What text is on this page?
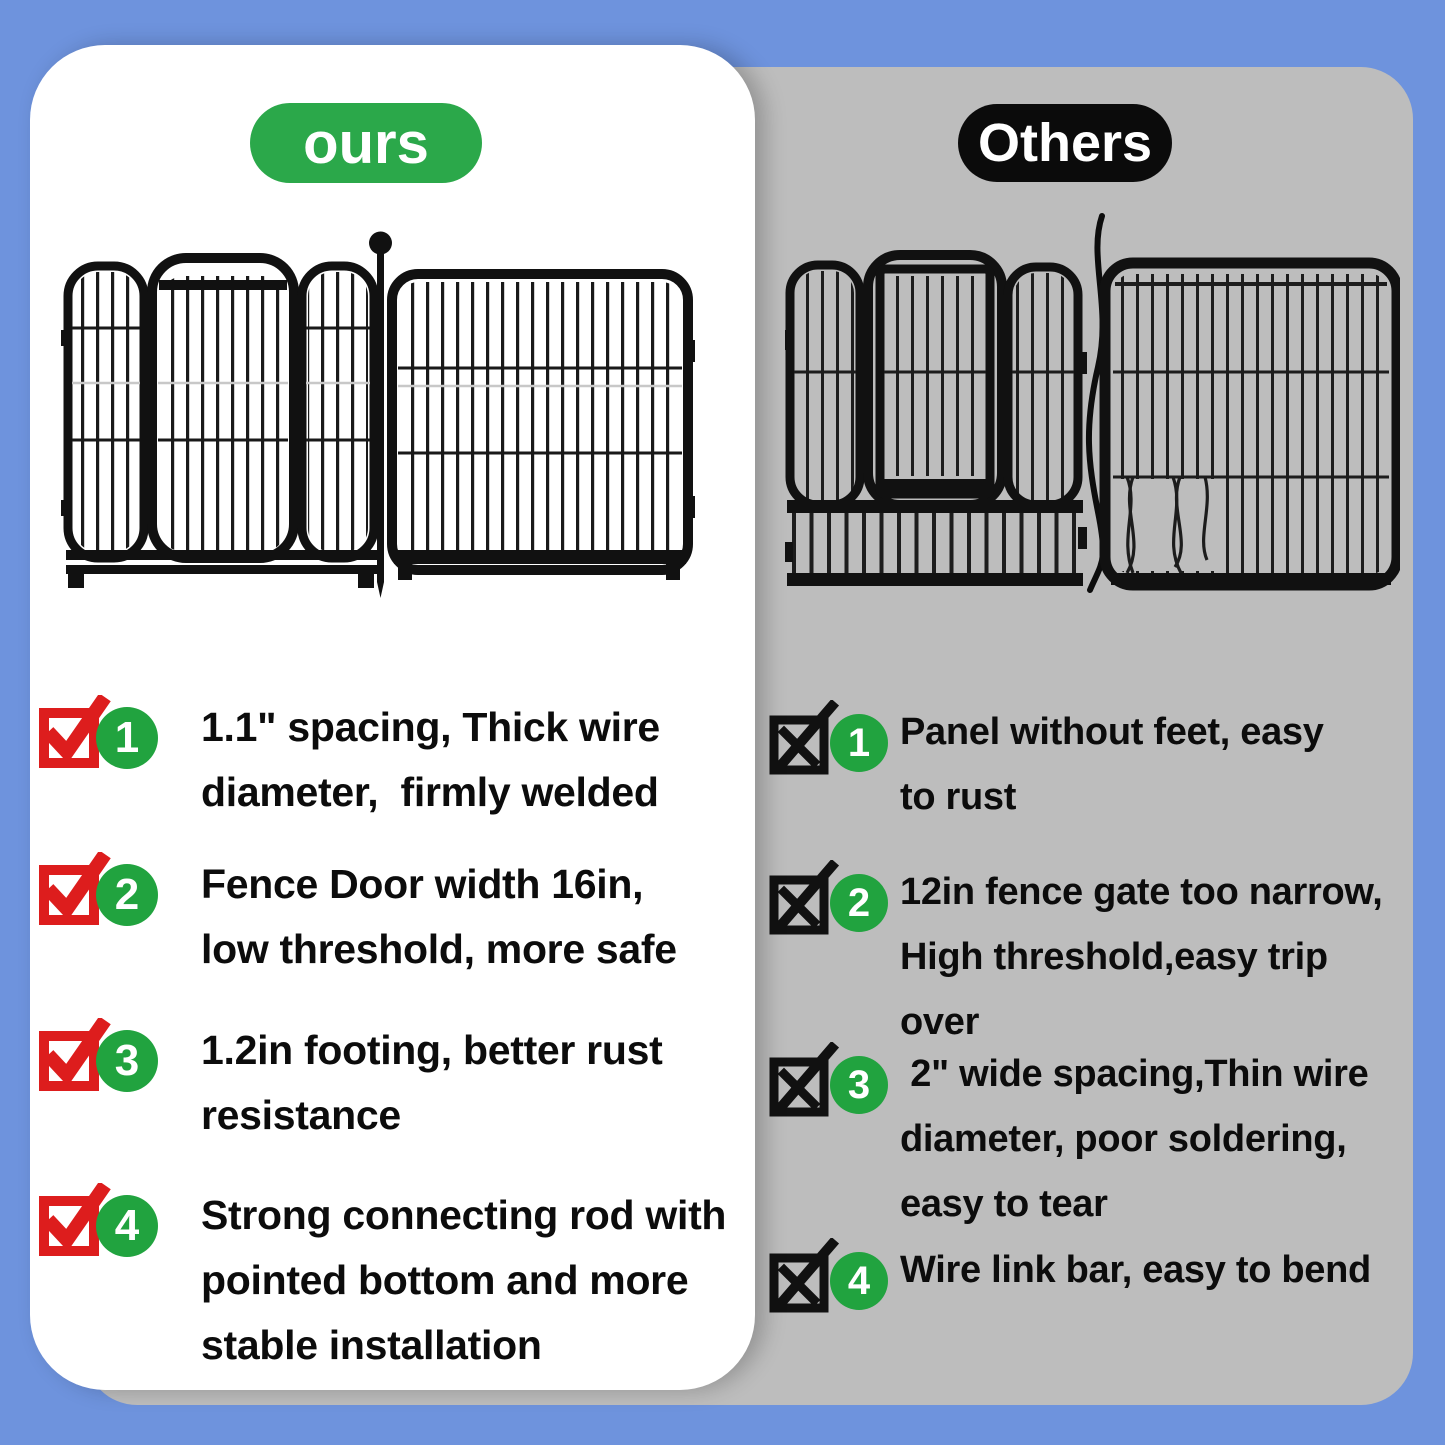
Others
1 Panel without feet, easy
to rust
2 12in fence gate too narrow,
High threshold,easy trip
over
3 2" wide spacing,Thin wire
diameter, poor soldering,
easy to tear
4 Wire link bar, easy to bend
ours
1	1.1" spacing, Thick wire
diameter,  firmly welded
2	Fence Door width 16in,
low threshold, more safe
3	1.2in footing, better rust
resistance
4	Strong connecting rod with
pointed bottom and more
stable installation
